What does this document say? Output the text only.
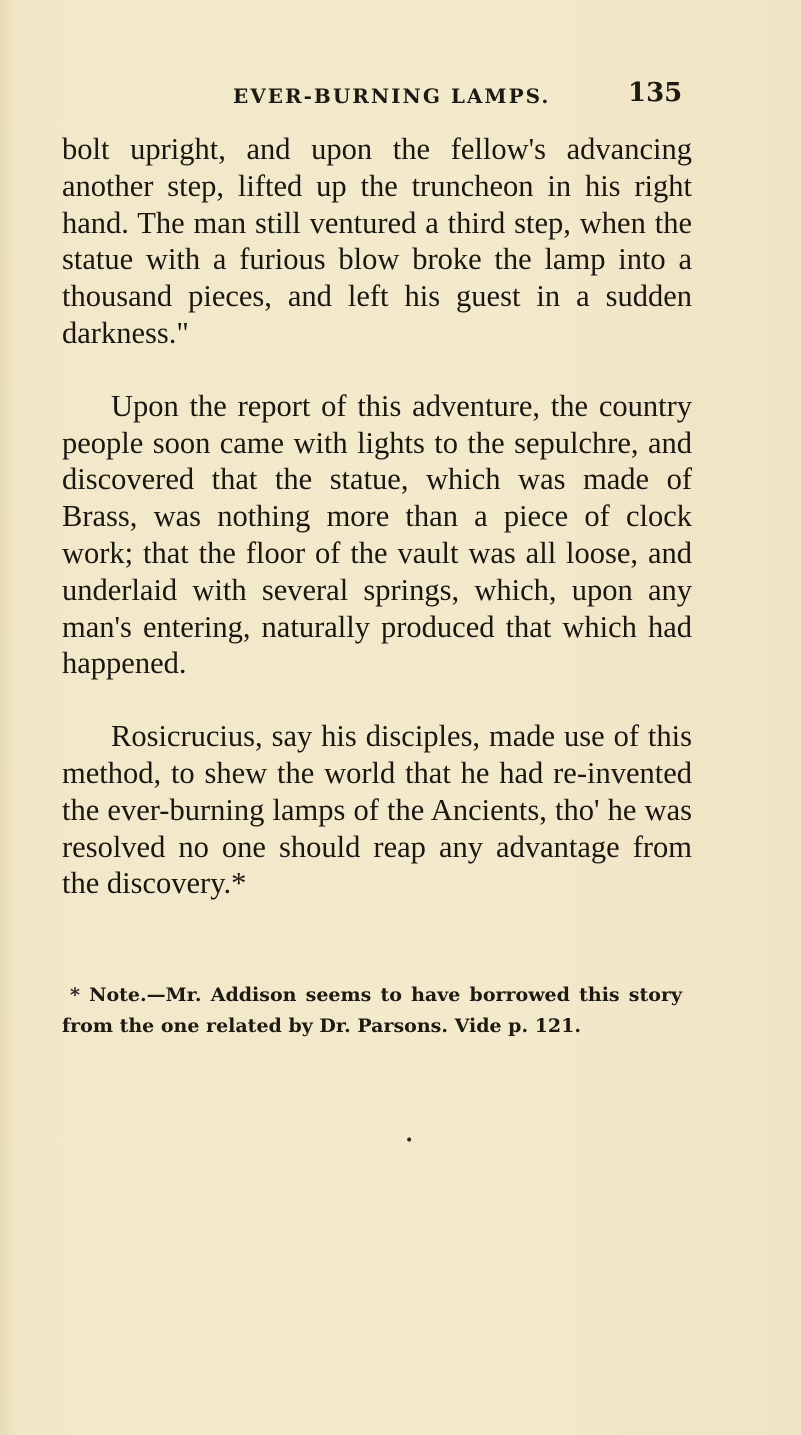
EVER-BURNING LAMPS.	135

bolt upright, and upon the fellow's advancing another step, lifted up the truncheon in his right hand. The man still ventured a third step, when the statue with a furious blow broke the lamp into a thousand pieces, and left his guest in a sudden darkness."

Upon the report of this adventure, the country people soon came with lights to the sepulchre, and discovered that the statue, which was made of Brass, was nothing more than a piece of clock work; that the floor of the vault was all loose, and underlaid with several springs, which, upon any man's entering, naturally produced that which had happened.

Rosicrucius, say his disciples, made use of this method, to shew the world that he had re-invented the ever-burning lamps of the Ancients, tho' he was resolved no one should reap any advantage from the discovery.*

* Note.—Mr. Addison seems to have borrowed this story from the one related by Dr. Parsons. Vide p. 121.

•
